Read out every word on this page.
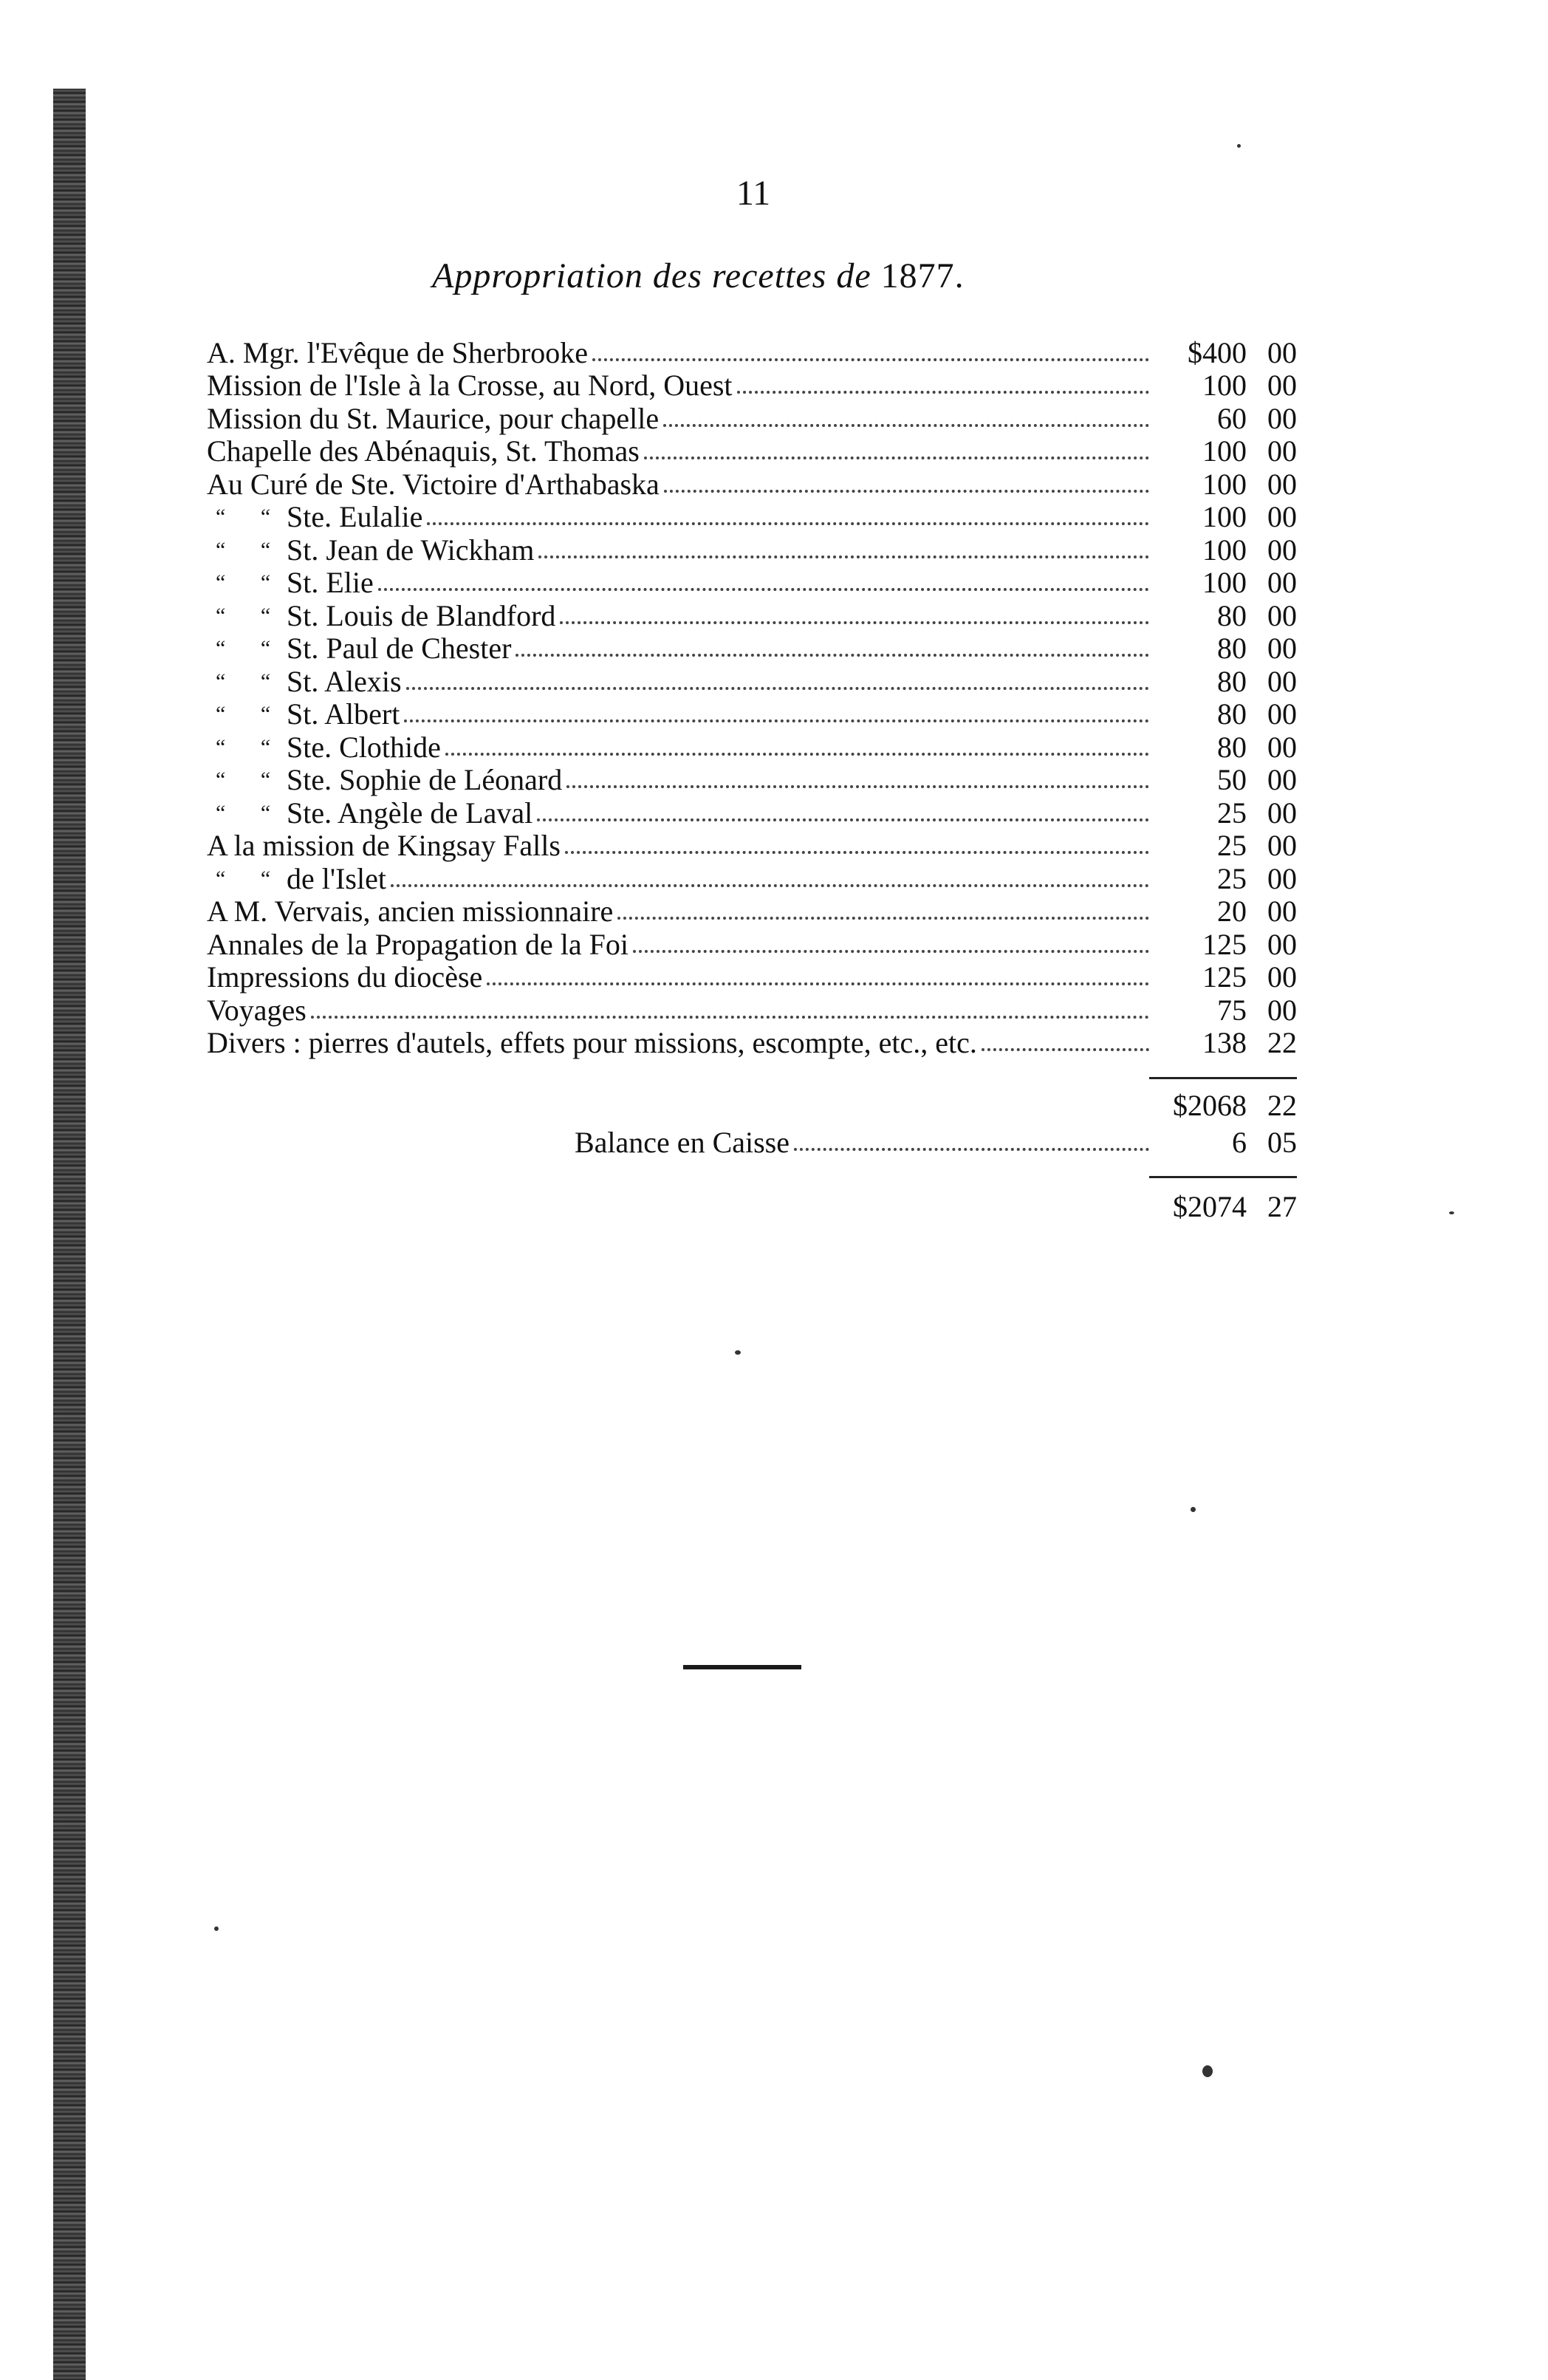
11
Appropriation des recettes de 1877.
A. Mgr. l'Evêque de Sherbrooke	$400 00
Mission de l'Isle à la Crosse, au Nord, Ouest	100 00
Mission du St. Maurice, pour chapelle	60 00
Chapelle des Abénaquis, St. Thomas	100 00
Au Curé de Ste. Victoire d'Arthabaska	100 00
“ “ Ste. Eulalie	100 00
“ “ St. Jean de Wickham	100 00
“ “ St. Elie	100 00
“ “ St. Louis de Blandford	80 00
“ “ St. Paul de Chester	80 00
“ “ St. Alexis	80 00
“ “ St. Albert	80 00
“ “ Ste. Clothide	80 00
“ “ Ste. Sophie de Léonard	50 00
“ “ Ste. Angèle de Laval	25 00
A la mission de Kingsay Falls	25 00
“ “ de l'Islet	25 00
A M. Vervais, ancien missionnaire	20 00
Annales de la Propagation de la Foi	125 00
Impressions du diocèse	125 00
Voyages	75 00
Divers : pierres d'autels, effets pour missions, escompte, etc., etc.	138 22
$2068 22
Balance en Caisse	6 05
$2074 27
